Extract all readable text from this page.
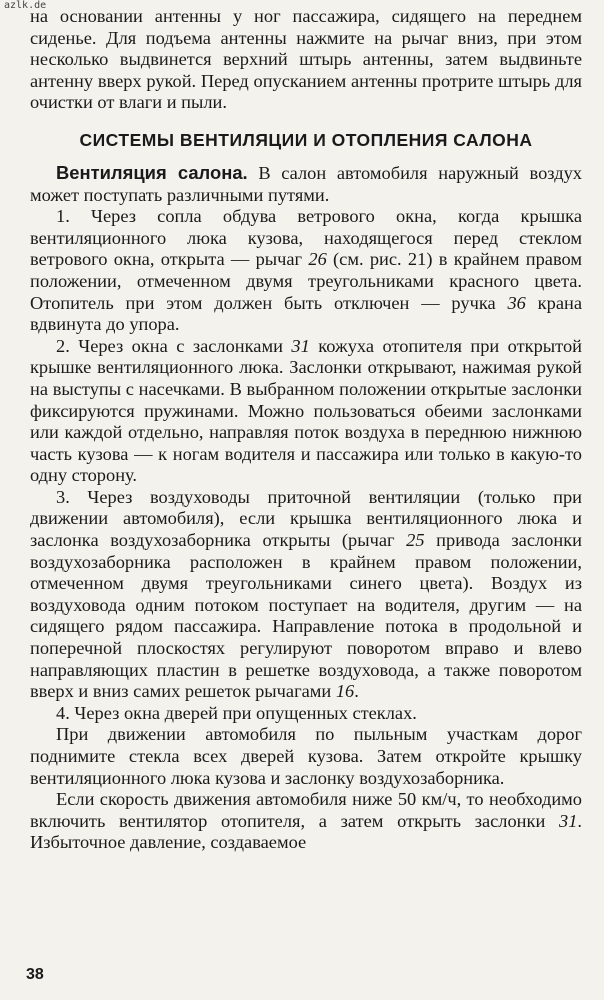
azlk.de

на основании антенны у ног пассажира, сидящего на переднем сиденье. Для подъема антенны нажмите на рычаг вниз, при этом несколько выдвинется верхний штырь антенны, затем выдвиньте антенну вверх рукой. Перед опусканием антенны протрите штырь для очистки от влаги и пыли.

СИСТЕМЫ ВЕНТИЛЯЦИИ И ОТОПЛЕНИЯ САЛОНА

Вентиляция салона. В салон автомобиля наружный воздух может поступать различными путями.

1. Через сопла обдува ветрового окна, когда крышка вентиляционного люка кузова, находящегося перед стеклом ветрового окна, открыта — рычаг 26 (см. рис. 21) в крайнем правом положении, отмеченном двумя треугольниками красного цвета. Отопитель при этом должен быть отключен — ручка 36 крана вдвинута до упора.

2. Через окна с заслонками 31 кожуха отопителя при открытой крышке вентиляционного люка. Заслонки открывают, нажимая рукой на выступы с насечками. В выбранном положении открытые заслонки фиксируются пружинами. Можно пользоваться обеими заслонками или каждой отдельно, направляя поток воздуха в переднюю нижнюю часть кузова — к ногам водителя и пассажира или только в какую-то одну сторону.

3. Через воздуховоды приточной вентиляции (только при движении автомобиля), если крышка вентиляционного люка и заслонка воздухозаборника открыты (рычаг 25 привода заслонки воздухозаборника расположен в крайнем правом положении, отмеченном двумя треугольниками синего цвета). Воздух из воздуховода одним потоком поступает на водителя, другим — на сидящего рядом пассажира. Направление потока в продольной и поперечной плоскостях регулируют поворотом вправо и влево направляющих пластин в решетке воздуховода, а также поворотом вверх и вниз самих решеток рычагами 16.

4. Через окна дверей при опущенных стеклах.

При движении автомобиля по пыльным участкам дорог поднимите стекла всех дверей кузова. Затем откройте крышку вентиляционного люка кузова и заслонку воздухозаборника.

Если скорость движения автомобиля ниже 50 км/ч, то необходимо включить вентилятор отопителя, а затем открыть заслонки 31. Избыточное давление, создаваемое

38
